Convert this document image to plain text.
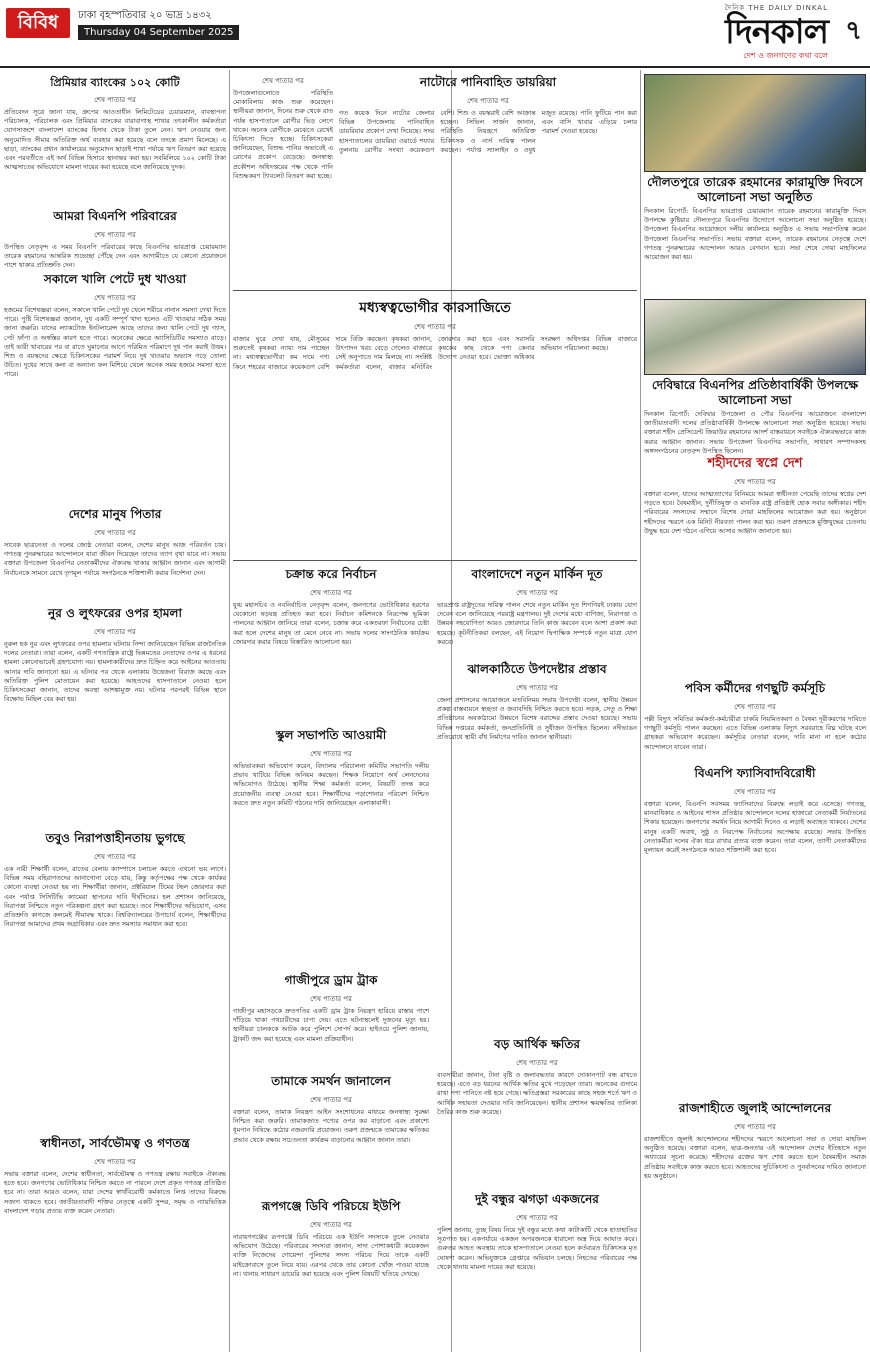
বিবিধ	ঢাকা বৃহস্পতিবার ২০ ভাদ্র ১৪৩২
Thursday 04 September 2025
দৈনিক THE DAILY DINKAL
দিনকাল
দেশ ও জনগণের কথা বলে
৭
প্রিমিয়ার ব্যাংকের ১০২ কোটি
শেষ পাতার পর
প্রতিবেদন সূত্রে জানা যায়, গ্রুপের আওতাধীন লিমিটেডের চেয়ারম্যান, বাবস্থাপনা পরিচালক, পরিচালক এবং প্রিমিয়ার ব্যাংকের বারাবাগাস্থ শাখার তৎকালীন কর্মকর্তারা যোগসাজশে বাংলাদেশ ব্যাংকের হিসাব থেকে টাকা তুলে নেন। ঋণ নেওয়ার জন্য অনুমোদিত সীমার অতিরিক্ত অর্থ ব্যবহার করা হয়েছে বলে তদন্তে প্রমাণ মিলেছে। এ ছাড়া, ব্যাংকের প্রধান কার্যালয়ের অনুমোদন ছাড়াই শাখা পর্যায়ে ঋণ বিতরণ করা হয়েছে এবং পরবর্তীতে এই অর্থ বিভিন্ন হিসাবে স্থানান্তর করা হয়। সবমিলিয়ে ১০২ কোটি টাকা আত্মসাতের অভিযোগে মামলা দায়ের করা হয়েছে বলে জানিয়েছে দুদক।
আমরা বিএনপি পরিবারের
শেষ পাতার পর
উপস্থিত নেতৃবৃন্দ এ সময় বিএনপি পরিবারের কাছে বিএনপির ভারপ্রাপ্ত চেয়ারম্যান তারেক রহমানের আন্তরিক শুভেচ্ছা পৌঁছে দেন এবং আগামীতে যে কোনো প্রয়োজনে পাশে থাকার প্রতিশ্রুতি দেন।
সকালে খালি পেটে দুধ খাওয়া
শেষ পাতার পর
হজমের বিশেষজ্ঞরা বলেন, সকালে খালি পেটে দুধ খেলে শরীরে নানান সমস্যা দেখা দিতে পারে। পুষ্টি বিশেষজ্ঞরা জানান, দুধ একটি সম্পূর্ণ খাদ্য হলেও এটি খাওয়ার সঠিক সময় জানা জরুরি। যাদের ল্যাকটোজ ইনটলারেন্স আছে তাদের জন্য খালি পেটে দুধ গ্যাস, পেট ফাঁপা ও অস্বস্তির কারণ হতে পারে। অনেকের ক্ষেত্রে অ্যাসিডিটির সমস্যাও বাড়ে। তাই ভারী খাবারের পর বা রাতে ঘুমানোর আগে পরিমিত পরিমাণে দুধ পান করাই উত্তম। শিশু ও বয়স্কদের ক্ষেত্রে চিকিৎসকের পরামর্শ নিয়ে দুধ খাওয়ার অভ্যাস গড়ে তোলা উচিত। দুধের সাথে কলা বা অন্যান্য ফল মিশিয়ে খেলে অনেক সময় হজমে সমস্যা হতে পারে।
দেশের মানুষ পিতার
শেষ পাতার পর
সাবেক ছাত্রনেতা ও দলের জ্যেষ্ঠ নেতারা বলেন, দেশের মানুষ আজ পরিবর্তন চায়। গণতন্ত্র পুনরুদ্ধারের আন্দোলনে যারা জীবন দিয়েছেন তাদের ত্যাগ বৃথা যাবে না। সভায় বক্তারা উপজেলা বিএনপির নেতাকর্মীদের ঐক্যবদ্ধ থাকার আহ্বান জানান এবং আগামী নির্বাচনকে সামনে রেখে তৃণমূল পর্যায়ে সংগঠনকে শক্তিশালী করার নির্দেশনা দেন।
নুর ও লুৎফরের ওপর হামলা
শেষ পাতার পর
নুরুল হক নুর এবং লুৎফরের ওপর হামলার ঘটনায় নিন্দা জানিয়েছেন বিভিন্ন রাজনৈতিক দলের নেতারা। তারা বলেন, একটি গণতান্ত্রিক রাষ্ট্রে ভিন্নমতের নেতাদের ওপর এ ধরনের হামলা কোনোভাবেই গ্রহণযোগ্য নয়। হামলাকারীদের দ্রুত চিহ্নিত করে আইনের আওতায় আনার দাবি জানানো হয়। এ ঘটনার পর থেকে এলাকায় উত্তেজনা বিরাজ করছে এবং অতিরিক্ত পুলিশ মোতায়েন করা হয়েছে। আহতদের হাসপাতালে নেওয়া হলে চিকিৎসকেরা জানান, তাদের অবস্থা আশঙ্কামুক্ত নয়। ঘটনার পরপরই বিভিন্ন স্থানে বিক্ষোভ মিছিল বের করা হয়।
তবুও নিরাপত্তাহীনতায় ভুগছে
শেষ পাতার পর
এক নারী শিক্ষার্থী বলেন, রাতের বেলায় ক্যাম্পাসে চলাচল করতে এখনো ভয় লাগে। বিভিন্ন সময় বহিরাগতদের আনাগোনা বেড়ে যায়, কিন্তু কর্তৃপক্ষের পক্ষ থেকে কার্যকর কোনো ব্যবস্থা নেওয়া হয় না। শিক্ষার্থীরা জানান, প্রক্টরিয়াল টিমের টহল জোরদার করা এবং পর্যাপ্ত সিসিটিভি ক্যামেরা স্থাপনের দাবি দীর্ঘদিনের। হল প্রশাসন জানিয়েছে, নিরাপত্তা নিশ্চিতে নতুন পরিকল্পনা গ্রহণ করা হয়েছে। তবে শিক্ষার্থীদের অভিযোগ, এসব প্রতিশ্রুতি কাগজে কলমেই সীমাবদ্ধ থাকে। বিশ্ববিদ্যালয়ের উপাচার্য বলেন, শিক্ষার্থীদের নিরাপত্তা আমাদের প্রথম অগ্রাধিকার এবং দ্রুত সমস্যার সমাধান করা হবে।
স্বাধীনতা, সার্বভৌমত্ব ও গণতন্ত্র
শেষ পাতার পর
সভায় বক্তারা বলেন, দেশের স্বাধীনতা, সার্বভৌমত্ব ও গণতন্ত্র রক্ষায় সবাইকে ঐক্যবদ্ধ হতে হবে। জনগণের ভোটাধিকার নিশ্চিত করতে না পারলে দেশে প্রকৃত গণতন্ত্র প্রতিষ্ঠিত হবে না। তারা আরও বলেন, যারা দেশের স্বার্থবিরোধী কর্মকাণ্ডে লিপ্ত তাদের বিরুদ্ধে সজাগ থাকতে হবে। জাতীয়তাবাদী শক্তির নেতৃত্বে একটি সুন্দর, সমৃদ্ধ ও ন্যায়ভিত্তিক বাংলাদেশ গড়ার প্রত্যয় ব্যক্ত করেন নেতারা।
শেষ পাতার পর
উপজেলাগুলোতে পরিস্থিতি মোকাবিলায় কাজ শুরু করেছেন। স্থানীয়রা জানান, দিনের শুরু থেকে রাত পর্যন্ত হাসপাতালে রোগীর ভিড় লেগে থাকে। অনেক রোগীকে মেঝেতে রেখেই চিকিৎসা দিতে হচ্ছে। চিকিৎসকেরা জানিয়েছেন, বিশুদ্ধ পানির অভাবেই এ রোগের প্রকোপ বেড়েছে। জনস্বাস্থ্য প্রকৌশল অধিদপ্তরের পক্ষ থেকে পানি বিশুদ্ধকরণ ট্যাবলেট বিতরণ করা হচ্ছে।
নাটোরে পানিবাহিত ডায়রিয়া
শেষ পাতার পর
গত কয়েক দিনে নাটোর জেলার বিভিন্ন উপজেলায় পানিবাহিত ডায়রিয়ার প্রকোপ দেখা দিয়েছে। সদর হাসপাতালের ডায়রিয়া ওয়ার্ডে শয্যার তুলনায় রোগীর সংখ্যা কয়েকগুণ বেশি। শিশু ও বয়স্করাই বেশি আক্রান্ত হচ্ছেন। সিভিল সার্জন জানান, পরিস্থিতি নিয়ন্ত্রণে অতিরিক্ত চিকিৎসক ও নার্স দায়িত্ব পালন করছেন। পর্যাপ্ত স্যালাইন ও ওষুধ মজুত রয়েছে। পানি ফুটিয়ে পান করা এবং বাসি খাবার এড়িয়ে চলার পরামর্শ দেওয়া হয়েছে।
মধ্যস্বত্বভোগীর কারসাজিতে
শেষ পাতার পর
বাজার ঘুরে দেখা যায়, মৌসুমের শুরুতেই কৃষকরা ন্যায্য দাম পাচ্ছেন না। মধ্যস্বত্বভোগীরা কম দামে পণ্য কিনে শহরের বাজারে কয়েকগুণ বেশি দামে বিক্রি করছেন। কৃষকরা জানান, উৎপাদন খরচ বেড়ে গেলেও বাজারে সেই অনুপাতে দাম মিলছে না। সংশ্লিষ্ট কর্মকর্তারা বলেন, বাজার মনিটরিং জোরদার করা হবে এবং সরাসরি কৃষকের কাছ থেকে পণ্য কেনার উদ্যোগ নেওয়া হবে। ভোক্তা অধিকার সংরক্ষণ অধিদপ্তর বিভিন্ন বাজারে অভিযান পরিচালনা করছে।
চক্রান্ত করে নির্বাচন
শেষ পাতার পর
যুগ্ম মহাসচিব ও নবনির্বাচিত নেতৃবৃন্দ বলেন, জনগণের ভোটাধিকার হরণের যেকোনো ষড়যন্ত্র প্রতিহত করা হবে। নির্বাচন কমিশনকে নিরপেক্ষ ভূমিকা পালনের আহ্বান জানিয়ে তারা বলেন, চক্রান্ত করে একতরফা নির্বাচনের চেষ্টা করা হলে দেশের মানুষ তা মেনে নেবে না। সভায় দলের সাংগঠনিক কার্যক্রম জোরদার করার বিষয়ে বিস্তারিত আলোচনা হয়।
স্কুল সভাপতি আওয়ামী
শেষ পাতার পর
অভিভাবকরা অভিযোগ করেন, বিদ্যালয় পরিচালনা কমিটির সভাপতি দলীয় প্রভাব খাটিয়ে বিভিন্ন অনিয়ম করছেন। শিক্ষক নিয়োগে অর্থ লেনদেনের অভিযোগও উঠেছে। স্থানীয় শিক্ষা কর্মকর্তা বলেন, বিষয়টি তদন্ত করে প্রয়োজনীয় ব্যবস্থা নেওয়া হবে। শিক্ষার্থীদের পড়াশোনার পরিবেশ নিশ্চিত করতে দ্রুত নতুন কমিটি গঠনের দাবি জানিয়েছেন এলাকাবাসী।
গাজীপুরে ড্রাম ট্রাক
শেষ পাতার পর
গাজীপুর মহাসড়কে দ্রুতগতির একটি ড্রাম ট্রাক নিয়ন্ত্রণ হারিয়ে রাস্তার পাশে দাঁড়িয়ে থাকা পথচারীদের চাপা দেয়। এতে ঘটনাস্থলেই দুজনের মৃত্যু হয়। স্থানীয়রা চালককে আটক করে পুলিশে সোপর্দ করে। হাইওয়ে পুলিশ জানায়, ট্রাকটি জব্দ করা হয়েছে এবং মামলা প্রক্রিয়াধীন।
তামাকে সমর্থন জানালেন
শেষ পাতার পর
বক্তারা বলেন, তামাক নিয়ন্ত্রণ আইন সংশোধনের মাধ্যমে জনস্বাস্থ্য সুরক্ষা নিশ্চিত করা জরুরি। তামাকজাত পণ্যের ওপর কর বাড়ানো এবং প্রকাশ্যে ধূমপান নিষিদ্ধে কঠোর নজরদারি প্রয়োজন। তরুণ প্রজন্মকে তামাকের ক্ষতিকর প্রভাব থেকে রক্ষায় সচেতনতা কার্যক্রম বাড়ানোর আহ্বান জানান তারা।
রূপগঞ্জে ডিবি পরিচয়ে ইউপি
শেষ পাতার পর
নারায়ণগঞ্জের রূপগঞ্জে ডিবি পরিচয়ে এক ইউপি সদস্যকে তুলে নেওয়ার অভিযোগ উঠেছে। পরিবারের সদস্যরা জানান, সাদা পোশাকধারী কয়েকজন ব্যক্তি নিজেদের গোয়েন্দা পুলিশের সদস্য পরিচয় দিয়ে তাকে একটি মাইক্রোবাসে তুলে নিয়ে যায়। এরপর থেকে তার কোনো খোঁজ পাওয়া যাচ্ছে না। থানায় সাধারণ ডায়েরি করা হয়েছে এবং পুলিশ বিষয়টি খতিয়ে দেখছে।
বাংলাদেশে নতুন মার্কিন দূত
শেষ পাতার পর
ভারপ্রাপ্ত রাষ্ট্রদূতের দায়িত্ব পালন শেষে নতুন মার্কিন দূত শিগগিরই ঢাকায় যোগ দেবেন বলে জানিয়েছে পররাষ্ট্র মন্ত্রণালয়। দুই দেশের মধ্যে বাণিজ্য, নিরাপত্তা ও উন্নয়ন সহযোগিতা আরও জোরদারে তিনি কাজ করবেন বলে আশা প্রকাশ করা হয়েছে। কূটনীতিকরা বলছেন, এই নিয়োগ দ্বিপাক্ষিক সম্পর্কে নতুন মাত্রা যোগ করবে।
ঝালকাঠিতে উপদেষ্টার প্রস্তাব
শেষ পাতার পর
জেলা প্রশাসনের আয়োজনে মতবিনিময় সভায় উপদেষ্টা বলেন, স্থানীয় উন্নয়ন প্রকল্প বাস্তবায়নে স্বচ্ছতা ও জবাবদিহি নিশ্চিত করতে হবে। সড়ক, সেতু ও শিক্ষা প্রতিষ্ঠানের অবকাঠামো উন্নয়নে বিশেষ বরাদ্দের প্রস্তাব দেওয়া হয়েছে। সভায় বিভিন্ন দপ্তরের কর্মকর্তা, জনপ্রতিনিধি ও সুধীজন উপস্থিত ছিলেন। নদীভাঙন প্রতিরোধে স্থায়ী বাঁধ নির্মাণের দাবিও জানান স্থানীয়রা।
বড় আর্থিক ক্ষতির
শেষ পাতার পর
ব্যবসায়ীরা জানান, টানা বৃষ্টি ও জলাবদ্ধতার কারণে দোকানপাট বন্ধ রাখতে হয়েছে। এতে বড় ধরনের আর্থিক ক্ষতির মুখে পড়েছেন তারা। অনেকের গুদামে রাখা পণ্য পানিতে নষ্ট হয়ে গেছে। ক্ষতিগ্রস্তরা সরকারের কাছে সহজ শর্তে ঋণ ও আর্থিক সহায়তা দেওয়ার দাবি জানিয়েছেন। স্থানীয় প্রশাসন ক্ষয়ক্ষতির তালিকা তৈরির কাজ শুরু করেছে।
দুই বন্ধুর ঝগড়া একজনের
শেষ পাতার পর
পুলিশ জানায়, তুচ্ছ বিষয় নিয়ে দুই বন্ধুর মধ্যে কথা কাটাকাটি থেকে হাতাহাতির সূত্রপাত হয়। একপর্যায়ে একজন অপরজনকে ধারালো অস্ত্র দিয়ে আঘাত করে। গুরুতর আহত অবস্থায় তাকে হাসপাতালে নেওয়া হলে কর্তব্যরত চিকিৎসক মৃত ঘোষণা করেন। অভিযুক্তকে গ্রেপ্তারে অভিযান চলছে। নিহতের পরিবারের পক্ষ থেকে থানায় মামলা দায়ের করা হয়েছে।
দৌলতপুরে তারেক রহমানের কারামুক্তি দিবসে আলোচনা সভা অনুষ্ঠিত
দিনকাল রিপোর্ট: বিএনপির ভারপ্রাপ্ত চেয়ারম্যান তারেক রহমানের কারামুক্তি দিবস উপলক্ষে কুষ্টিয়ার দৌলতপুরে বিএনপির উদ্যোগে আলোচনা সভা অনুষ্ঠিত হয়েছে। উপজেলা বিএনপির আয়োজনে দলীয় কার্যালয়ে অনুষ্ঠিত এ সভায় সভাপতিত্ব করেন উপজেলা বিএনপির সভাপতি। সভায় বক্তারা বলেন, তারেক রহমানের নেতৃত্বে দেশে গণতন্ত্র পুনরুদ্ধারের আন্দোলন আরও বেগবান হবে। সভা শেষে দোয়া মাহফিলের আয়োজন করা হয়।
দেবিদ্বারে বিএনপির প্রতিষ্ঠাবার্ষিকী উপলক্ষে আলোচনা সভা
দিনকাল রিপোর্ট: দেবিদ্বার উপজেলা ও পৌর বিএনপির আয়োজনে বাংলাদেশ জাতীয়তাবাদী দলের প্রতিষ্ঠাবার্ষিকী উপলক্ষে আলোচনা সভা অনুষ্ঠিত হয়েছে। সভায় বক্তারা শহীদ প্রেসিডেন্ট জিয়াউর রহমানের আদর্শ বাস্তবায়নে সবাইকে ঐক্যবদ্ধভাবে কাজ করার আহ্বান জানান। সভায় উপজেলা বিএনপির সভাপতি, সাধারণ সম্পাদকসহ অঙ্গসংগঠনের নেতৃবৃন্দ উপস্থিত ছিলেন।
শহীদদের স্বপ্নে দেশ
শেষ পাতার পর
বক্তারা বলেন, যাদের আত্মত্যাগের বিনিময়ে আমরা স্বাধীনতা পেয়েছি তাদের স্বপ্নের দেশ গড়তে হবে। বৈষম্যহীন, দুর্নীতিমুক্ত ও মানবিক রাষ্ট্র প্রতিষ্ঠাই হোক সবার অঙ্গীকার। শহীদ পরিবারের সদস্যদের সম্মানে বিশেষ দোয়া মাহফিলের আয়োজন করা হয়। অনুষ্ঠানে শহীদদের স্মরণে এক মিনিট নীরবতা পালন করা হয়। তরুণ প্রজন্মকে মুক্তিযুদ্ধের চেতনায় উদ্বুদ্ধ হয়ে দেশ গঠনে এগিয়ে আসার আহ্বান জানানো হয়।
পবিস কর্মীদের গণছুটি কর্মসূচি
শেষ পাতার পর
পল্লী বিদ্যুৎ সমিতির কর্মকর্তা-কর্মচারীরা চাকরি নিয়মিতকরণ ও বৈষম্য দূরীকরণের দাবিতে গণছুটি কর্মসূচি পালন করছেন। এতে বিভিন্ন এলাকায় বিদ্যুৎ সরবরাহে বিঘ্ন ঘটছে বলে গ্রাহকরা অভিযোগ করেছেন। কর্মসূচির নেতারা বলেন, দাবি মানা না হলে কঠোর আন্দোলনে যাবেন তারা।
বিএনপি ফ্যাসিবাদবিরোধী
শেষ পাতার পর
বক্তারা বলেন, বিএনপি সবসময় ফ্যাসিবাদের বিরুদ্ধে লড়াই করে এসেছে। গণতন্ত্র, মানবাধিকার ও আইনের শাসন প্রতিষ্ঠার আন্দোলনে দলের হাজারো নেতাকর্মী নির্যাতনের শিকার হয়েছেন। জনগণের সমর্থন নিয়ে আগামী দিনেও এ লড়াই অব্যাহত থাকবে। দেশের মানুষ একটি অবাধ, সুষ্ঠু ও নিরপেক্ষ নির্বাচনের অপেক্ষায় রয়েছে। সভায় উপস্থিত নেতাকর্মীরা দলের ঐক্য ধরে রাখার প্রত্যয় ব্যক্ত করেন। তারা বলেন, ত্যাগী নেতাকর্মীদের মূল্যায়ন করেই সংগঠনকে আরও শক্তিশালী করা হবে।
রাজশাহীতে জুলাই আন্দোলনের
শেষ পাতার পর
রাজশাহীতে জুলাই আন্দোলনের শহীদদের স্মরণে আলোচনা সভা ও দোয়া মাহফিল অনুষ্ঠিত হয়েছে। বক্তারা বলেন, ছাত্র-জনতার এই আন্দোলন দেশের ইতিহাসে নতুন অধ্যায়ের সূচনা করেছে। শহীদদের রক্তের ঋণ শোধ করতে হলে বৈষম্যহীন সমাজ প্রতিষ্ঠায় সবাইকে কাজ করতে হবে। আহতদের সুচিকিৎসা ও পুনর্বাসনের দাবিও জানানো হয় অনুষ্ঠানে।
